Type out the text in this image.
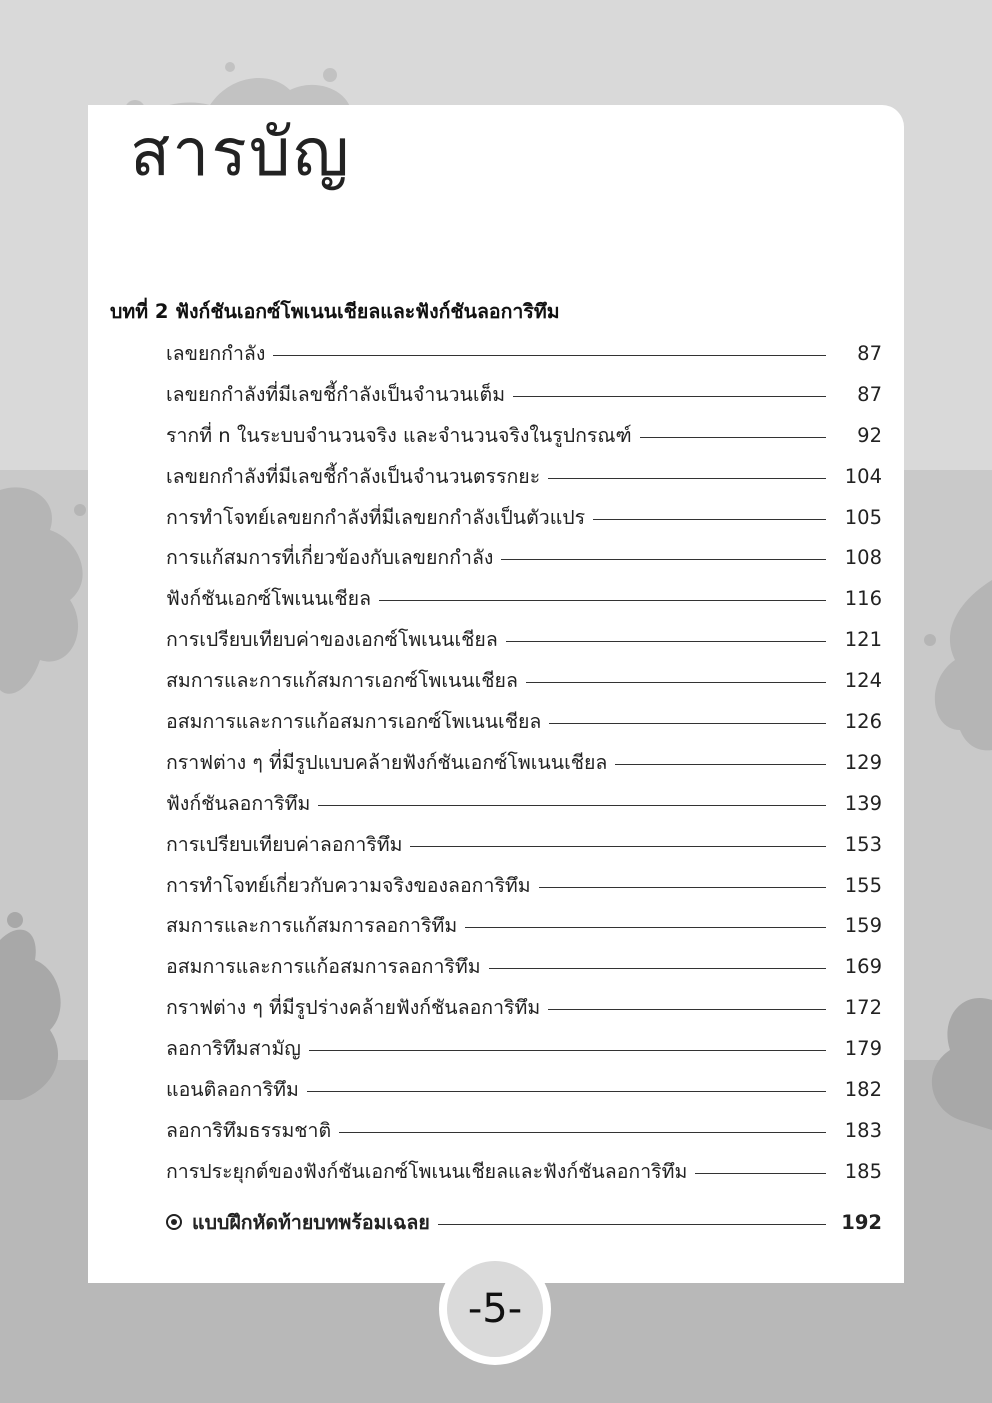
สารบัญ
บทที่ 2 ฟังก์ชันเอกซ์โพเนนเชียลและฟังก์ชันลอการิทึม
เลขยกกำลัง	87
เลขยกกำลังที่มีเลขชี้กำลังเป็นจำนวนเต็ม	87
รากที่ n ในระบบจำนวนจริง และจำนวนจริงในรูปกรณฑ์	92
เลขยกกำลังที่มีเลขชี้กำลังเป็นจำนวนตรรกยะ	104
การทำโจทย์เลขยกกำลังที่มีเลขยกกำลังเป็นตัวแปร	105
การแก้สมการที่เกี่ยวข้องกับเลขยกกำลัง	108
ฟังก์ชันเอกซ์โพเนนเชียล	116
การเปรียบเทียบค่าของเอกซ์โพเนนเชียล	121
สมการและการแก้สมการเอกซ์โพเนนเชียล	124
อสมการและการแก้อสมการเอกซ์โพเนนเชียล	126
กราฟต่าง ๆ ที่มีรูปแบบคล้ายฟังก์ชันเอกซ์โพเนนเชียล	129
ฟังก์ชันลอการิทึม	139
การเปรียบเทียบค่าลอการิทึม	153
การทำโจทย์เกี่ยวกับความจริงของลอการิทึม	155
สมการและการแก้สมการลอการิทึม	159
อสมการและการแก้อสมการลอการิทึม	169
กราฟต่าง ๆ ที่มีรูปร่างคล้ายฟังก์ชันลอการิทึม	172
ลอการิทึมสามัญ	179
แอนติลอการิทึม	182
ลอการิทึมธรรมชาติ	183
การประยุกต์ของฟังก์ชันเอกซ์โพเนนเชียลและฟังก์ชันลอการิทึม	185
แบบฝึกหัดท้ายบทพร้อมเฉลย	192
-5-
